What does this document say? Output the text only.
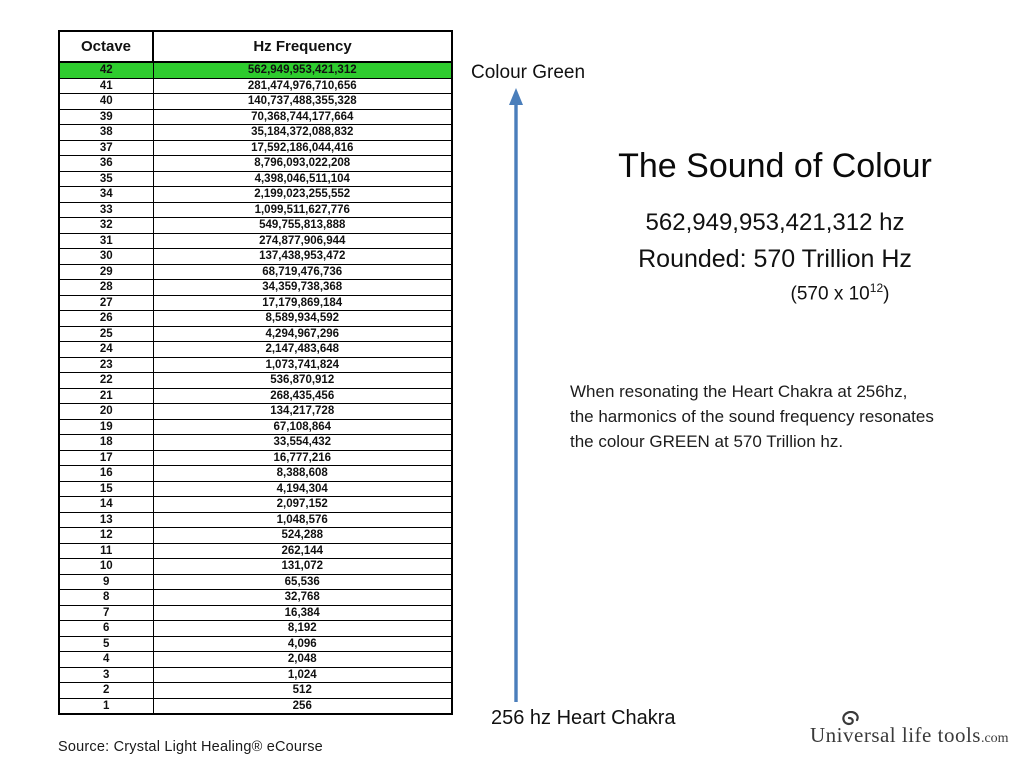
Octave	Hz Frequency
42	562,949,953,421,312
41	281,474,976,710,656
40	140,737,488,355,328
39	70,368,744,177,664
38	35,184,372,088,832
37	17,592,186,044,416
36	8,796,093,022,208
35	4,398,046,511,104
34	2,199,023,255,552
33	1,099,511,627,776
32	549,755,813,888
31	274,877,906,944
30	137,438,953,472
29	68,719,476,736
28	34,359,738,368
27	17,179,869,184
26	8,589,934,592
25	4,294,967,296
24	2,147,483,648
23	1,073,741,824
22	536,870,912
21	268,435,456
20	134,217,728
19	67,108,864
18	33,554,432
17	16,777,216
16	8,388,608
15	4,194,304
14	2,097,152
13	1,048,576
12	524,288
11	262,144
10	131,072
9	65,536
8	32,768
7	16,384
6	8,192
5	4,096
4	2,048
3	1,024
2	512
1	256
Source: Crystal Light Healing® eCourse
Colour Green
The Sound of Colour
562,949,953,421,312 hz
Rounded: 570 Trillion Hz
(570 x $10^{12}$)
When resonating the Heart Chakra at 256hz,
the harmonics of the sound frequency resonates
the colour GREEN at 570 Trillion hz.
256 hz Heart Chakra
Universal life tools.com
